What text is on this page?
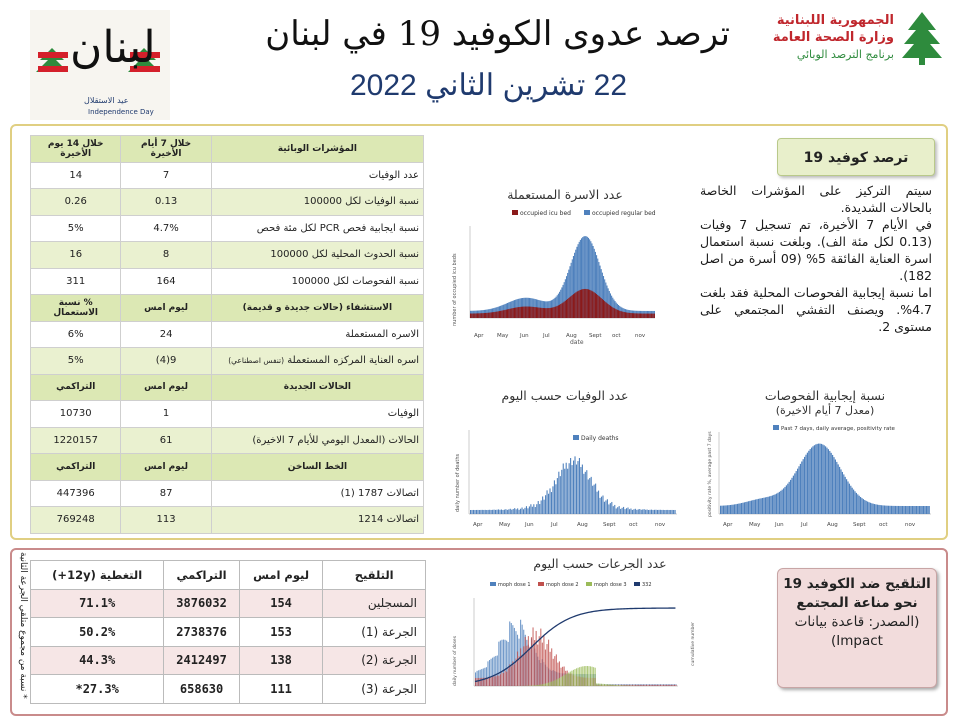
الجمهورية اللبنانية
وزارة الصحة العامة
برنامج الترصد الوبائي
ترصد عدوى الكوفيد 19 في لبنان
22 تشرين الثاني 2022
لبنان
عيد الاستقلال
Independence Day
المؤشرات الوبائية	خلال 7 أيام الأخيرة	خلال 14 يوم الأخيرة
عدد الوفيات	7	14
نسبة الوفيات لكل 100000	0.13	0.26
نسبة ايجابية فحص PCR لكل مئة فحص	4.7%	5%
نسبة الحدوث المحلية لكل 100000	8	16
نسبة الفحوصات لكل 100000	164	311
الاستشفاء (حالات جديدة و قديمة)	ليوم امس	% نسبة الاستعمال
الاسره المستعملة	24	6%
اسره العناية المركزه المستعملة (تنفس اصطناعي)	9(4)	5%
الحالات الجديدة	ليوم امس	التراكمي
الوفيات	1	10730
الحالات (المعدل اليومي للأيام 7 الاخيرة)	61	1220157
الخط الساخن	ليوم امس	التراكمي
اتصالات 1787 (1)	87	447396
اتصالات 1214	113	769248
ترصد كوفيد 19

سيتم التركيز على المؤشرات الخاصة بالحالات الشديدة.

في الأيام 7 الأخيرة، تم تسجيل 7 وفيات (0.13 لكل مئة الف). وبلغت نسبة استعمال اسرة العناية الفائقة 5% (09 أسرة من اصل 182).

اما نسبة إيجابية الفحوصات المحلية فقد بلغت 4.7%. ويصنف التفشي المجتمعي على مستوى 2.

عدد الاسرة المستعملة
عدد الوفيات حسب اليوم	نسبة إيجابية الفحوصات
(معدل 7 أيام الاخيرة)
عدد الجرعات حسب اليوم
occupied icu bed	occupied regular bed
number of occupied icu beds
Apr May Jun	Jul	Aug Sept oct	nov
date
Daily deaths
daily number of deaths
Apr	May	Jun	Jul	Aug	Sept oct	nov
Past 7 days, daily average, positivity rate
positivity rate %, average past 7 days
Apr	May	Jun	Jul	Aug	Sept oct	nov
moph dose 1	moph dose 2	moph dose 3	332
daily number of doses	cumulative number
* نسبة من مجموع متلقي الجرعة الثانية	التلقيح	ليوم امس	التراكمي	التغطية (12y+)
المسجلين	154	3876032	71.1%
الجرعة (1)	153	2738376	50.2%
الجرعة (2)	138	2412497	44.3%
الجرعة (3)	111	658630	27.3%*
التلقيح ضد الكوفيد 19 نحو مناعة المجتمع
(المصدر: قاعدة بيانات Impact)
